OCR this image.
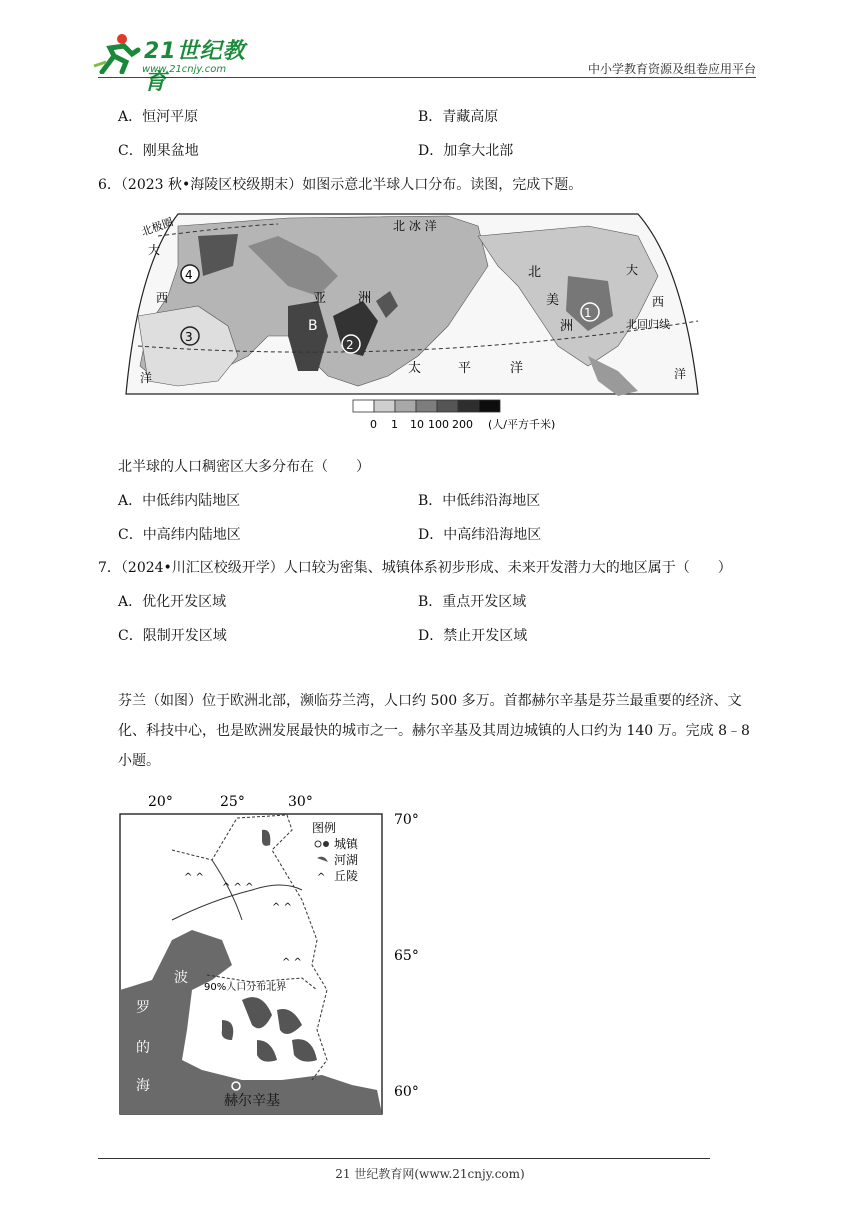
21世纪教育
www.21cnjy.com	中小学教育资源及组卷应用平台
A．恒河平原	B．青藏高原
C．刚果盆地	D．加拿大北部
6．（2023 秋•海陵区校级期末）如图示意北半球人口分布。读图，完成下题。
北 冰 洋
北极圈
大
西
洋
亚 洲
太	平	洋
北
美
洲
大
西
北回归线
洋
1
2
3
4
B
0 1 10 100 200 (人/平方千米)
北半球的人口稠密区大多分布在（　　）
A．中低纬内陆地区	B．中低纬沿海地区
C．中高纬内陆地区	D．中高纬沿海地区
7．（2024•川汇区校级开学）人口较为密集、城镇体系初步形成、未来开发潜力大的地区属于（　　）
A．优化开发区域	B．重点开发区域
C．限制开发区域	D．禁止开发区域
芬兰（如图）位于欧洲北部，濒临芬兰湾，人口约 500 多万。首都赫尔辛基是芬兰最重要的经济、文化、科技中心，也是欧洲发展最快的城市之一。赫尔辛基及其周边城镇的人口约为 140 万。完成 8﹣8 小题。
20°	25°	30°
70°
65°
60°
^ ^
^ ^ ^
^ ^
^ ^
图例
城镇
河湖
丘陵
^
波
90%人口分布北界
罗
的
海
赫尔辛基
21 世纪教育网(www.21cnjy.com)
